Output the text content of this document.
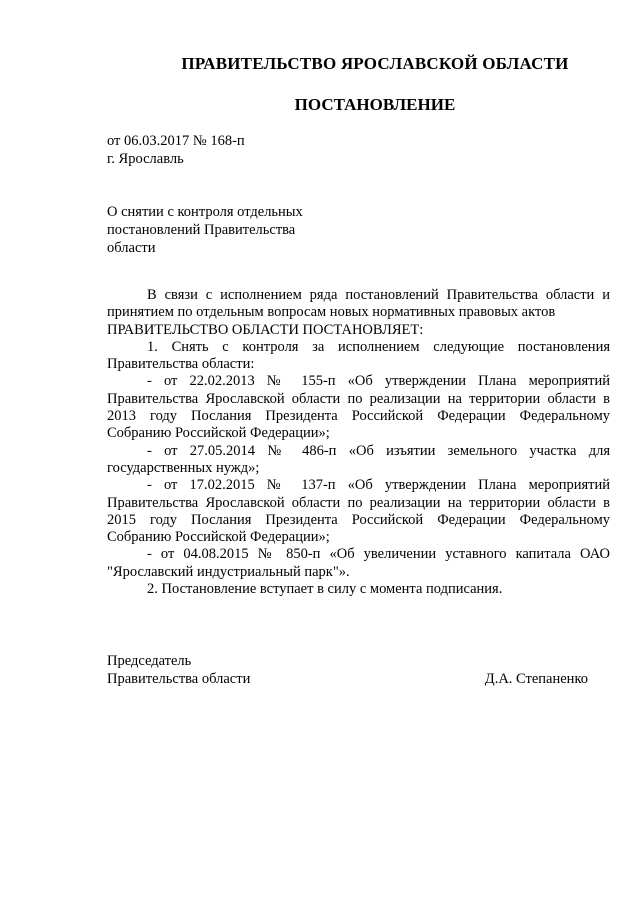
ПРАВИТЕЛЬСТВО ЯРОСЛАВСКОЙ ОБЛАСТИ
ПОСТАНОВЛЕНИЕ
от 06.03.2017 № 168-п
г. Ярославль
О снятии с контроля отдельных
постановлений Правительства
области

В связи с исполнением ряда постановлений Правительства области и принятием по отдельным вопросам новых нормативных правовых актов

ПРАВИТЕЛЬСТВО ОБЛАСТИ ПОСТАНОВЛЯЕТ:

1. Снять с контроля за исполнением следующие постановления Правительства области:

- от 22.02.2013 № 155-п «Об утверждении Плана мероприятий Правительства Ярославской области по реализации на территории области в 2013 году Послания Президента Российской Федерации Федеральному Собранию Российской Федерации»;

- от 27.05.2014 № 486-п «Об изъятии земельного участка для государственных нужд»;

- от 17.02.2015 № 137-п «Об утверждении Плана мероприятий Правительства Ярославской области по реализации на территории области в 2015 году Послания Президента Российской Федерации Федеральному Собранию Российской Федерации»;

- от 04.08.2015 № 850-п «Об увеличении уставного капитала ОАО "Ярославский индустриальный парк"».

2. Постановление вступает в силу с момента подписания.

Председатель
Правительства области	Д.А. Степаненко
